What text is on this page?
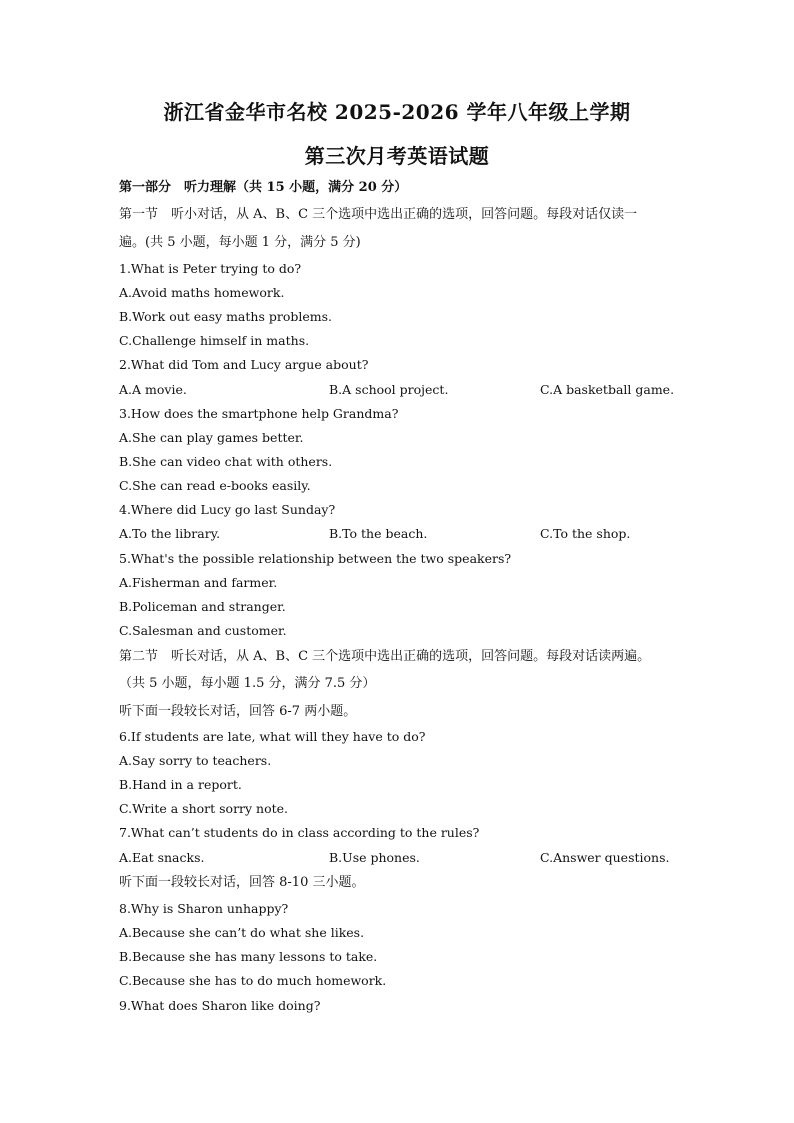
浙江省金华市名校 2025-2026 学年八年级上学期
第三次月考英语试题
第一部分　听力理解（共 15 小题，满分 20 分）
第一节　听小对话，从 A、B、C 三个选项中选出正确的选项，回答问题。每段对话仅读一
遍。(共 5 小题，每小题 1 分，满分 5 分)
1.What is Peter trying to do?
A.Avoid maths homework.
B.Work out easy maths problems.
C.Challenge himself in maths.
2.What did Tom and Lucy argue about?
A.A movie.	B.A school project.	C.A basketball game.
3.How does the smartphone help Grandma?
A.She can play games better.
B.She can video chat with others.
C.She can read e-books easily.
4.Where did Lucy go last Sunday?
A.To the library.	B.To the beach.	C.To the shop.
5.What's the possible relationship between the two speakers?
A.Fisherman and farmer.
B.Policeman and stranger.
C.Salesman and customer.
第二节　听长对话，从 A、B、C 三个选项中选出正确的选项，回答问题。每段对话读两遍。
（共 5 小题，每小题 1.5 分，满分 7.5 分）
听下面一段较长对话，回答 6-7 两小题。
6.If students are late, what will they have to do?
A.Say sorry to teachers.
B.Hand in a report.
C.Write a short sorry note.
7.What can’t students do in class according to the rules?
A.Eat snacks.	B.Use phones.	C.Answer questions.
听下面一段较长对话，回答 8-10 三小题。
8.Why is Sharon unhappy?
A.Because she can’t do what she likes.
B.Because she has many lessons to take.
C.Because she has to do much homework.
9.What does Sharon like doing?
